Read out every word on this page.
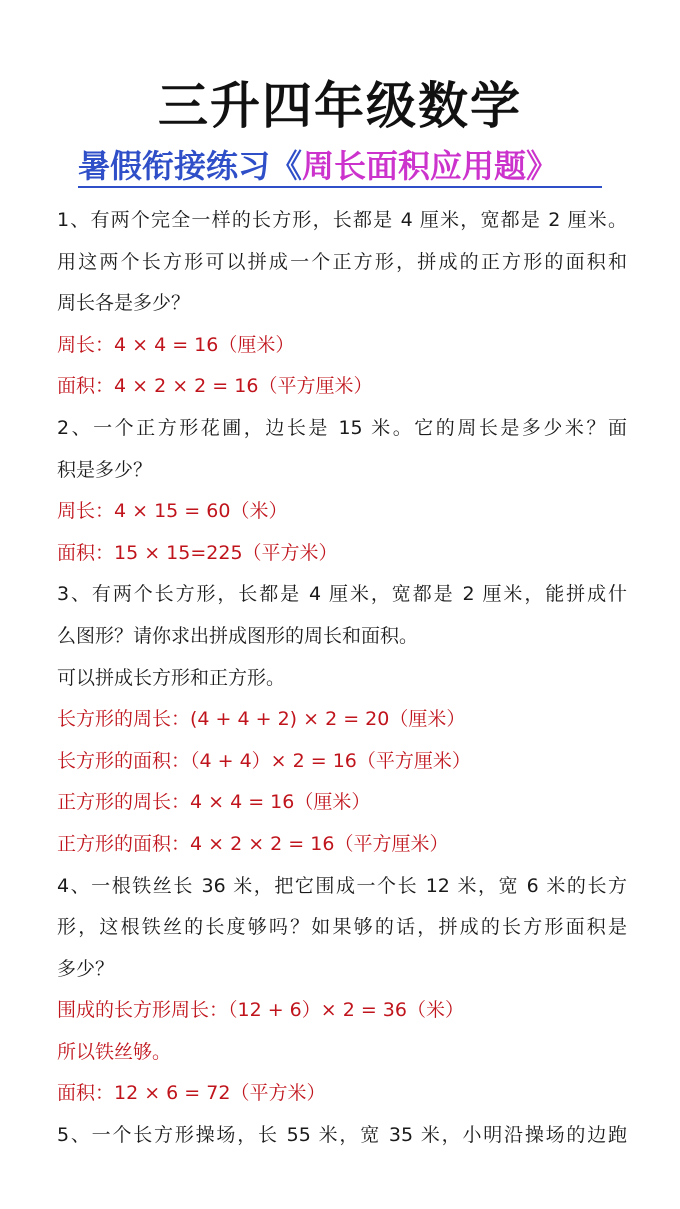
三升四年级数学
暑假衔接练习《周长面积应用题》
1、有两个完全一样的长方形，长都是 4 厘米，宽都是 2 厘米。
用这两个长方形可以拼成一个正方形，拼成的正方形的面积和
周长各是多少？
周长：4 × 4 = 16（厘米）
面积：4 × 2 × 2 = 16（平方厘米）
2、一个正方形花圃，边长是 15 米。它的周长是多少米？面
积是多少？
周长：4 × 15 = 60（米）
面积：15 × 15=225（平方米）
3、有两个长方形，长都是 4 厘米，宽都是 2 厘米，能拼成什
么图形？请你求出拼成图形的周长和面积。
可以拼成长方形和正方形。
长方形的周长：(4 + 4 + 2) × 2 = 20（厘米）
长方形的面积：（4 + 4）× 2 = 16（平方厘米）
正方形的周长：4 × 4 = 16（厘米）
正方形的面积：4 × 2 × 2 = 16（平方厘米）
4、一根铁丝长 36 米，把它围成一个长 12 米，宽 6 米的长方
形，这根铁丝的长度够吗？如果够的话，拼成的长方形面积是
多少？
围成的长方形周长：（12 + 6）× 2 = 36（米）
所以铁丝够。
面积：12 × 6 = 72（平方米）
5、一个长方形操场，长 55 米，宽 35 米，小明沿操场的边跑
